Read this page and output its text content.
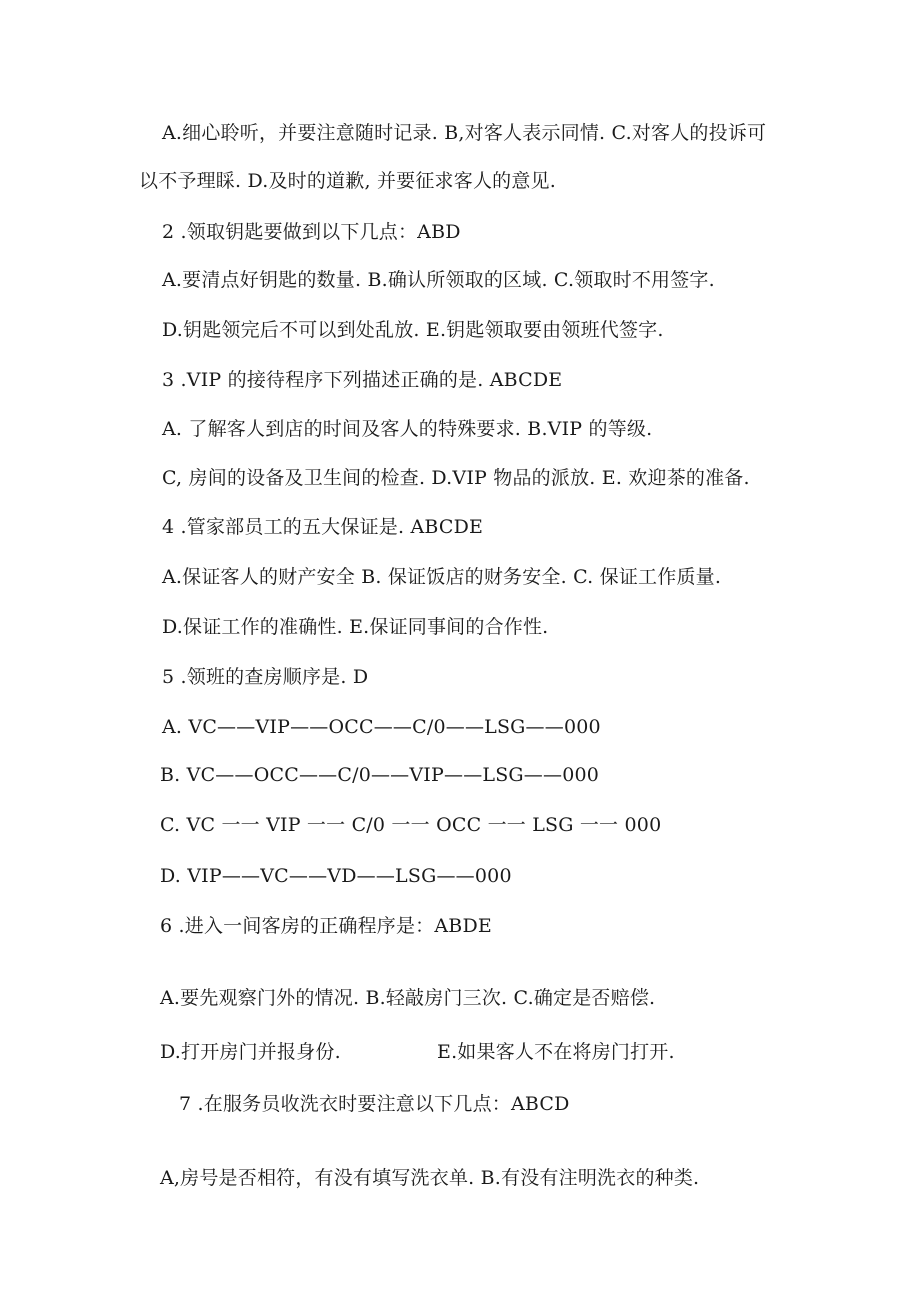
A.细心聆听，并要注意随时记录. B,对客人表示同情. C.对客人的投诉可
以不予理睬. D.及时的道歉, 并要征求客人的意见.
2 .领取钥匙要做到以下几点：ABD
A.要清点好钥匙的数量. B.确认所领取的区域. C.领取时不用签字.
D.钥匙领完后不可以到处乱放. E.钥匙领取要由领班代签字.
3 .VIP 的接待程序下列描述正确的是. ABCDE
A. 了解客人到店的时间及客人的特殊要求. B.VIP 的等级.
C, 房间的设备及卫生间的检查. D.VIP 物品的派放. E. 欢迎茶的准备.
4 .管家部员工的五大保证是. ABCDE
A.保证客人的财产安全 B. 保证饭店的财务安全. C. 保证工作质量.
D.保证工作的准确性. E.保证同事间的合作性.
5 .领班的查房顺序是. D
A. VC——VIP——OCC——C/0——LSG——000
B. VC——OCC——C/0——VIP——LSG——000
C. VC 一一 VIP 一一 C/0 一一 OCC 一一 LSG 一一 000
D. VIP——VC——VD——LSG——000
6 .进入一间客房的正确程序是：ABDE
A.要先观察门外的情况. B.轻敲房门三次. C.确定是否赔偿.
D.打开房门并报身份.	E.如果客人不在将房门打开.
7 .在服务员收洗衣时要注意以下几点：ABCD
A,房号是否相符，有没有填写洗衣单. B.有没有注明洗衣的种类.
